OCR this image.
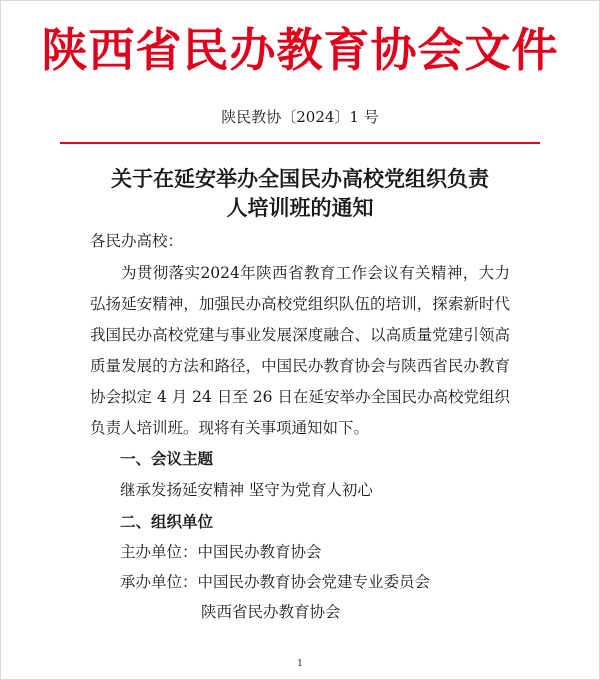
陕西省民办教育协会文件
陕民教协〔2024〕1 号
关于在延安举办全国民办高校党组织负责
人培训班的通知
各民办高校：
为贯彻落实2024年陕西省教育工作会议有关精神，大力弘扬延安精神，加强民办高校党组织队伍的培训，探索新时代我国民办高校党建与事业发展深度融合、以高质量党建引领高质量发展的方法和路径，中国民办教育协会与陕西省民办教育协会拟定 4 月 24 日至 26 日在延安举办全国民办高校党组织负责人培训班。现将有关事项通知如下。
一、会议主题
继承发扬延安精神 坚守为党育人初心
二、组织单位
主办单位：中国民办教育协会
承办单位：中国民办教育协会党建专业委员会
陕西省民办教育协会
1
